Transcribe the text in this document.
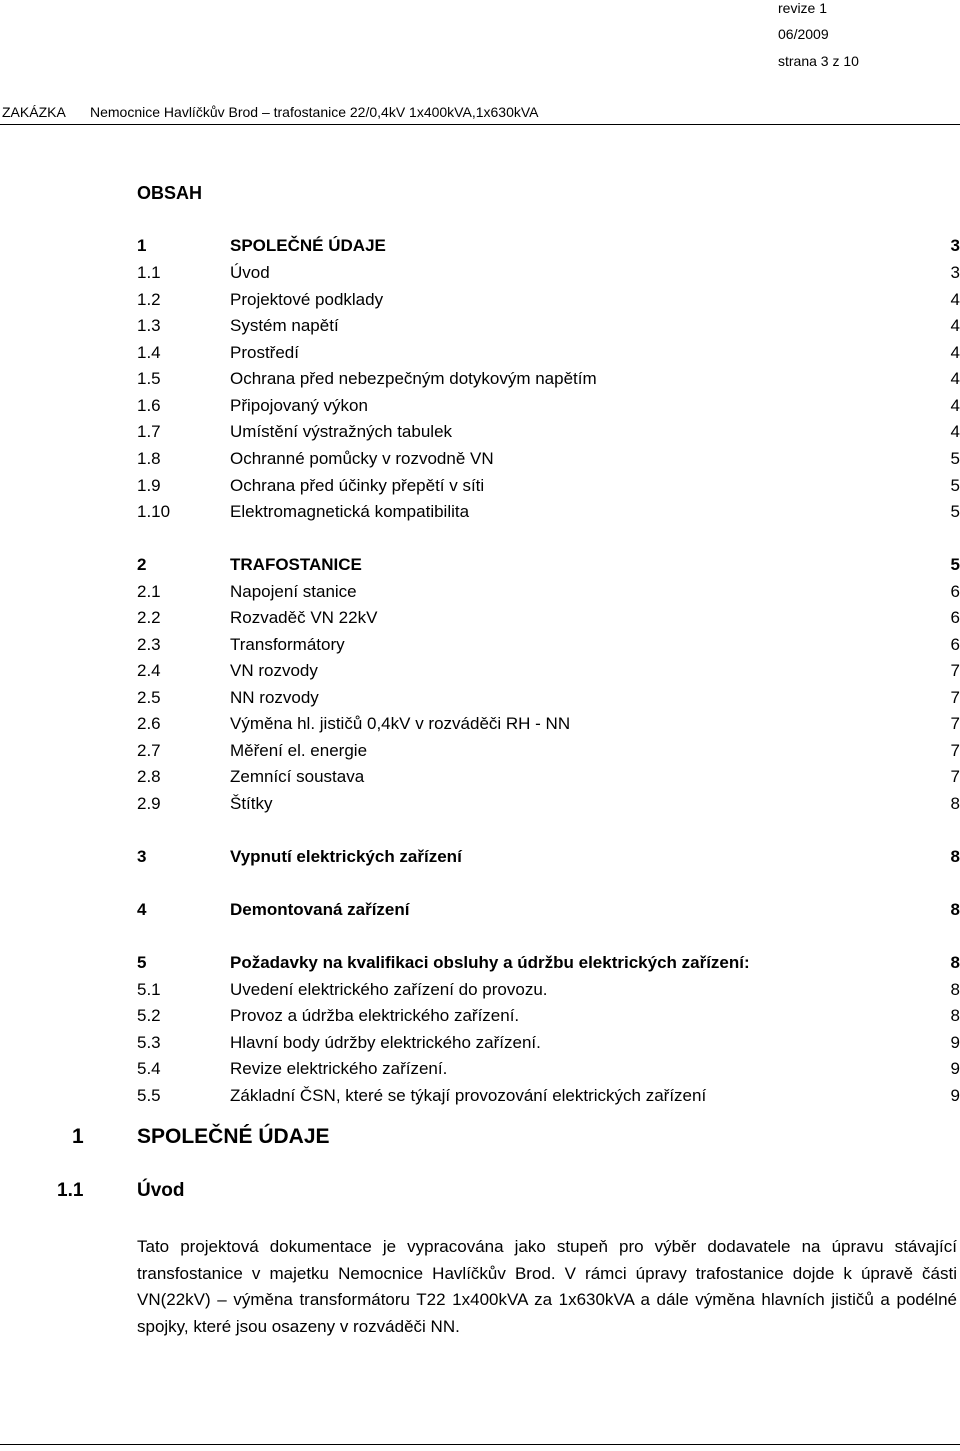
revize 1
06/2009
strana 3 z 10
ZAKÁZKA Nemocnice Havlíčkův Brod – trafostanice 22/0,4kV 1x400kVA,1x630kVA
OBSAH
1	SPOLEČNÉ ÚDAJE	3
1.1	Úvod	3
1.2	Projektové podklady	4
1.3	Systém napětí	4
1.4	Prostředí	4
1.5	Ochrana před nebezpečným dotykovým napětím	4
1.6	Připojovaný výkon	4
1.7	Umístění výstražných tabulek	4
1.8	Ochranné pomůcky v rozvodně VN	5
1.9	Ochrana před účinky přepětí v síti	5
1.10	Elektromagnetická kompatibilita	5
2	TRAFOSTANICE	5
2.1	Napojení stanice	6
2.2	Rozvaděč VN 22kV	6
2.3	Transformátory	6
2.4	VN rozvody	7
2.5	NN rozvody	7
2.6	Výměna hl. jističů 0,4kV v rozváděči RH - NN	7
2.7	Měření el. energie	7
2.8	Zemnící soustava	7
2.9	Štítky	8
3	Vypnutí elektrických zařízení	8
4	Demontovaná zařízení	8
5	Požadavky na kvalifikaci obsluhy a údržbu elektrických zařízení:	8
5.1	Uvedení elektrického zařízení do provozu.	8
5.2	Provoz a údržba elektrického zařízení.	8
5.3	Hlavní body údržby elektrického zařízení.	9
5.4	Revize elektrického zařízení.	9
5.5	Základní ČSN, které se týkají provozování elektrických zařízení	9
1	SPOLEČNÉ ÚDAJE
1.1	Úvod

Tato projektová dokumentace je vypracována jako stupeň pro výběr dodavatele na úpravu stávající transfostanice v majetku Nemocnice Havlíčkův Brod. V rámci úpravy trafostanice dojde k úpravě části VN(22kV) – výměna transformátoru T22 1x400kVA za 1x630kVA a dále výměna hlavních jističů a podélné spojky, které jsou osazeny v rozváděči NN.
